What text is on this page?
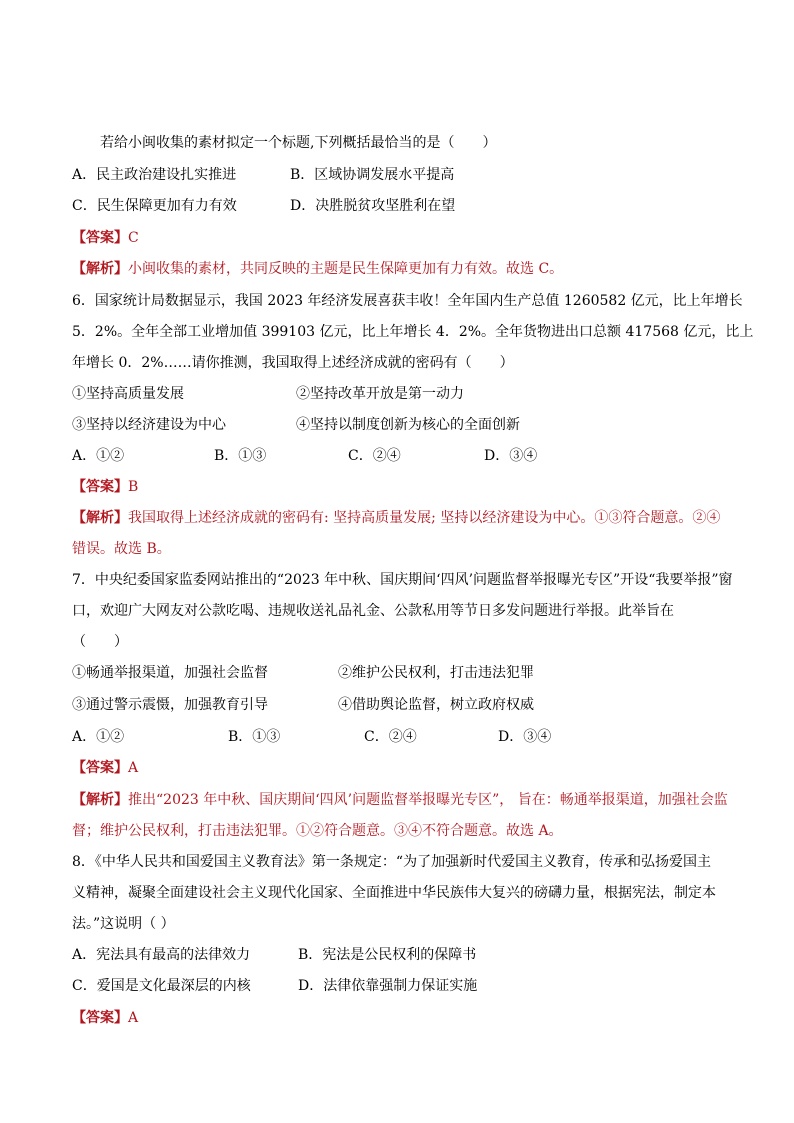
若给小闽收集的素材拟定一个标题,下列概括最恰当的是（　　）
A．民主政治建设扎实推进	B．区域协调发展水平提高
C．民生保障更加有力有效	D．决胜脱贫攻坚胜利在望
【答案】C
【解析】小闽收集的素材，共同反映的主题是民生保障更加有力有效。故选 C。
6．国家统计局数据显示，我国 2023 年经济发展喜获丰收！全年国内生产总值 1260582 亿元，比上年增长
5．2%。全年全部工业增加值 399103 亿元，比上年增长 4．2%。全年货物进出口总额 417568 亿元，比上
年增长 0．2%……请你推测，我国取得上述经济成就的密码有（　　）
①坚持高质量发展	②坚持改革开放是第一动力
③坚持以经济建设为中心	④坚持以制度创新为核心的全面创新
A．①②	B．①③	C．②④	D．③④
【答案】B
【解析】我国取得上述经济成就的密码有: 坚持高质量发展; 坚持以经济建设为中心。①③符合题意。②④
错误。故选 B。
7．中央纪委国家监委网站推出的“2023 年中秋、国庆期间‘四风’问题监督举报曝光专区”开设“我要举报”窗
口，欢迎广大网友对公款吃喝、违规收送礼品礼金、公款私用等节日多发问题进行举报。此举旨在
（　　）
①畅通举报渠道，加强社会监督	②维护公民权利，打击违法犯罪
③通过警示震慑，加强教育引导	④借助舆论监督，树立政府权威
A．①②	B．①③	C．②④	D．③④
【答案】A
【解析】推出“2023 年中秋、国庆期间‘四风’问题监督举报曝光专区”， 旨在：畅通举报渠道，加强社会监
督；维护公民权利，打击违法犯罪。①②符合题意。③④不符合题意。故选 A。
8．《中华人民共和国爱国主义教育法》第一条规定：“为了加强新时代爱国主义教育，传承和弘扬爱国主
义精神，凝聚全面建设社会主义现代化国家、全面推进中华民族伟大复兴的磅礴力量，根据宪法，制定本
法。”这说明（ ）
A．宪法具有最高的法律效力	B．宪法是公民权利的保障书
C．爱国是文化最深层的内核	D．法律依靠强制力保证实施
【答案】A
